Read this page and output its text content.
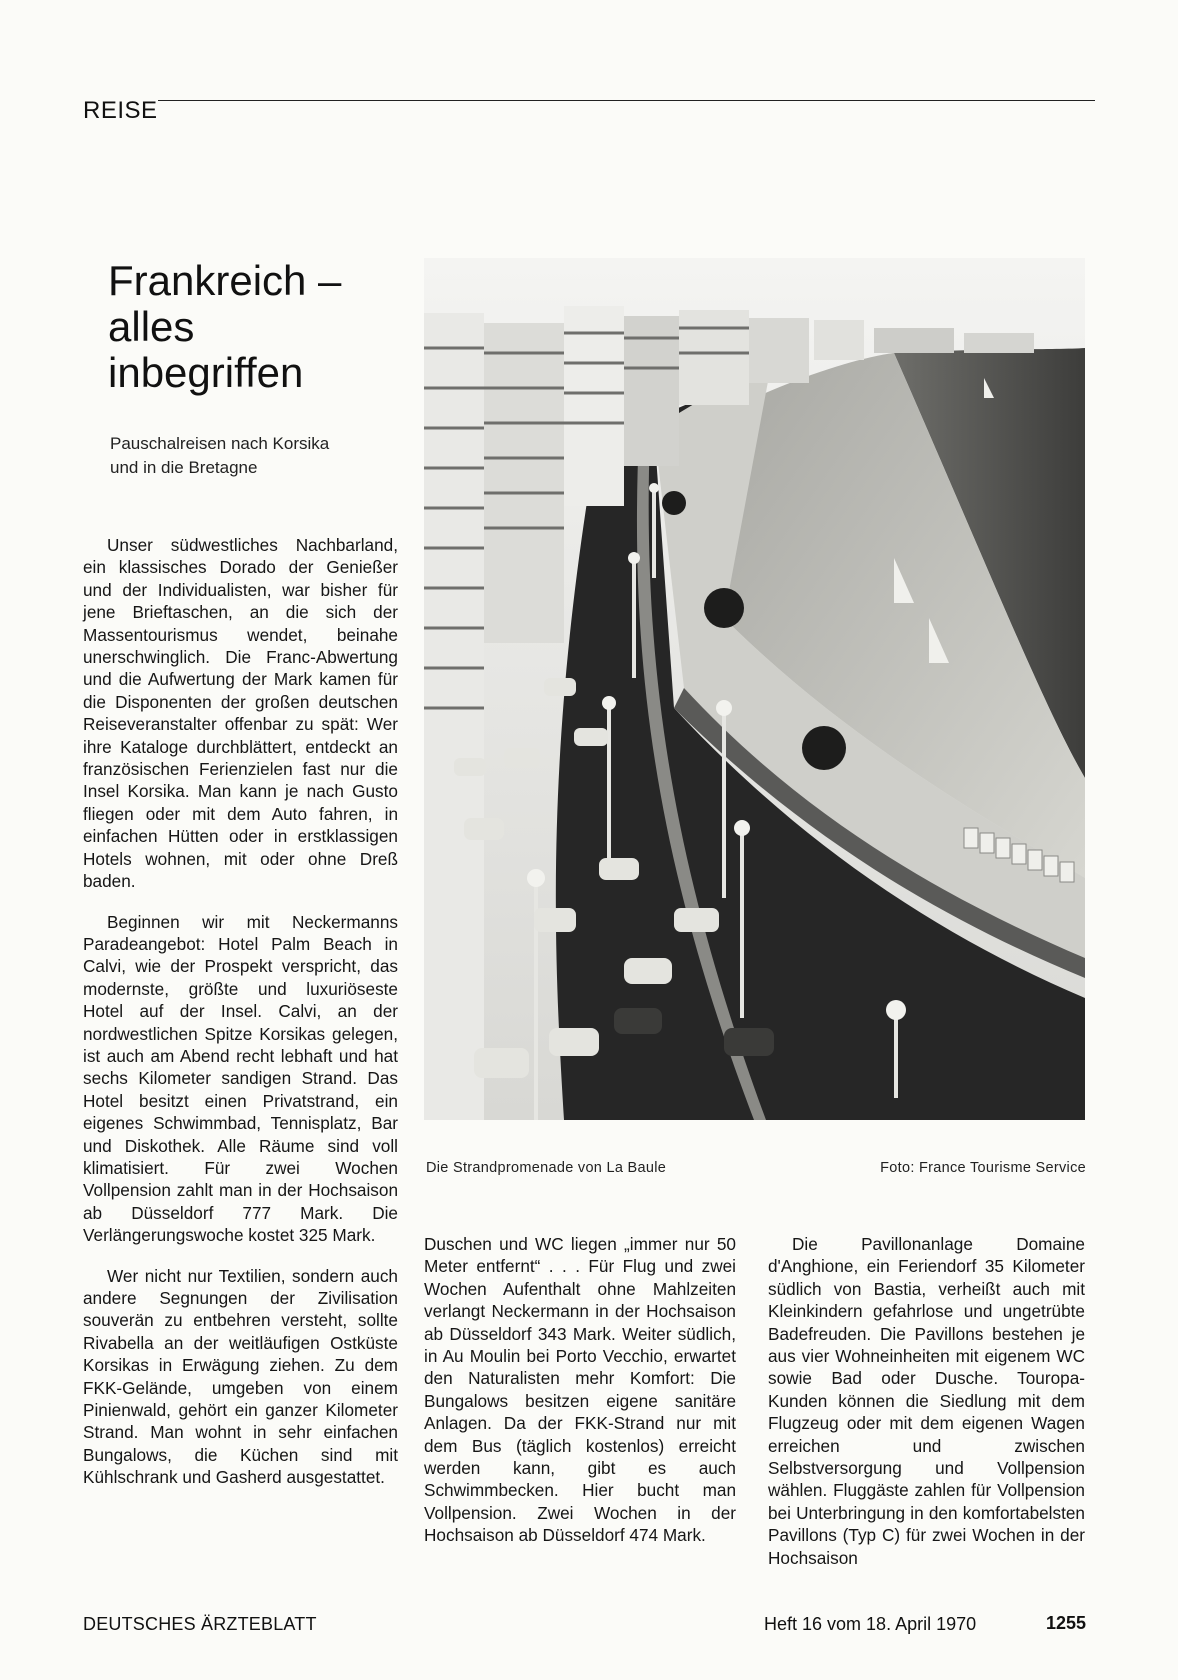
REISE
Frankreich –
alles
inbegriffen
Pauschalreisen nach Korsika
und in die Bretagne

Unser südwestliches Nachbarland, ein klassisches Dorado der Genießer und der Individualisten, war bisher für jene Brieftaschen, an die sich der Massentourismus wendet, beinahe unerschwinglich. Die Franc-Abwertung und die Aufwertung der Mark kamen für die Disponenten der großen deutschen Reiseveranstalter offenbar zu spät: Wer ihre Kataloge durchblättert, entdeckt an französischen Ferienzielen fast nur die Insel Korsika. Man kann je nach Gusto fliegen oder mit dem Auto fahren, in einfachen Hütten oder in erstklassigen Hotels wohnen, mit oder ohne Dreß baden.

Beginnen wir mit Neckermanns Paradeangebot: Hotel Palm Beach in Calvi, wie der Prospekt verspricht, das modernste, größte und luxuriöseste Hotel auf der Insel. Calvi, an der nordwestlichen Spitze Korsikas gelegen, ist auch am Abend recht lebhaft und hat sechs Kilometer sandigen Strand. Das Hotel besitzt einen Privatstrand, ein eigenes Schwimmbad, Tennisplatz, Bar und Diskothek. Alle Räume sind voll klimatisiert. Für zwei Wochen Vollpension zahlt man in der Hochsaison ab Düsseldorf 777 Mark. Die Verlängerungswoche kostet 325 Mark.

Wer nicht nur Textilien, sondern auch andere Segnungen der Zivilisation souverän zu entbehren versteht, sollte Rivabella an der weitläufigen Ostküste Korsikas in Erwägung ziehen. Zu dem FKK-Gelände, umgeben von einem Pinienwald, gehört ein ganzer Kilometer Strand. Man wohnt in sehr einfachen Bungalows, die Küchen sind mit Kühlschrank und Gasherd ausgestattet.

Die Strandpromenade von La Baule	Foto: France Tourisme Service

Duschen und WC liegen „immer nur 50 Meter entfernt“ . . . Für Flug und zwei Wochen Aufenthalt ohne Mahlzeiten verlangt Neckermann in der Hochsaison ab Düsseldorf 343 Mark. Weiter südlich, in Au Moulin bei Porto Vecchio, erwartet den Naturalisten mehr Komfort: Die Bungalows besitzen eigene sanitäre Anlagen. Da der FKK-Strand nur mit dem Bus (täglich kostenlos) erreicht werden kann, gibt es auch Schwimmbecken. Hier bucht man Vollpension. Zwei Wochen in der Hochsaison ab Düsseldorf 474 Mark.

Die Pavillonanlage Domaine d'Anghione, ein Feriendorf 35 Kilometer südlich von Bastia, verheißt auch mit Kleinkindern gefahrlose und ungetrübte Badefreuden. Die Pavillons bestehen je aus vier Wohneinheiten mit eigenem WC sowie Bad oder Dusche. Touropa-Kunden können die Siedlung mit dem Flugzeug oder mit dem eigenen Wagen erreichen und zwischen Selbstversorgung und Vollpension wählen. Fluggäste zahlen für Vollpension bei Unterbringung in den komfortabelsten Pavillons (Typ C) für zwei Wochen in der Hochsaison

DEUTSCHES ÄRZTEBLATT	Heft 16 vom 18. April 1970	1255
